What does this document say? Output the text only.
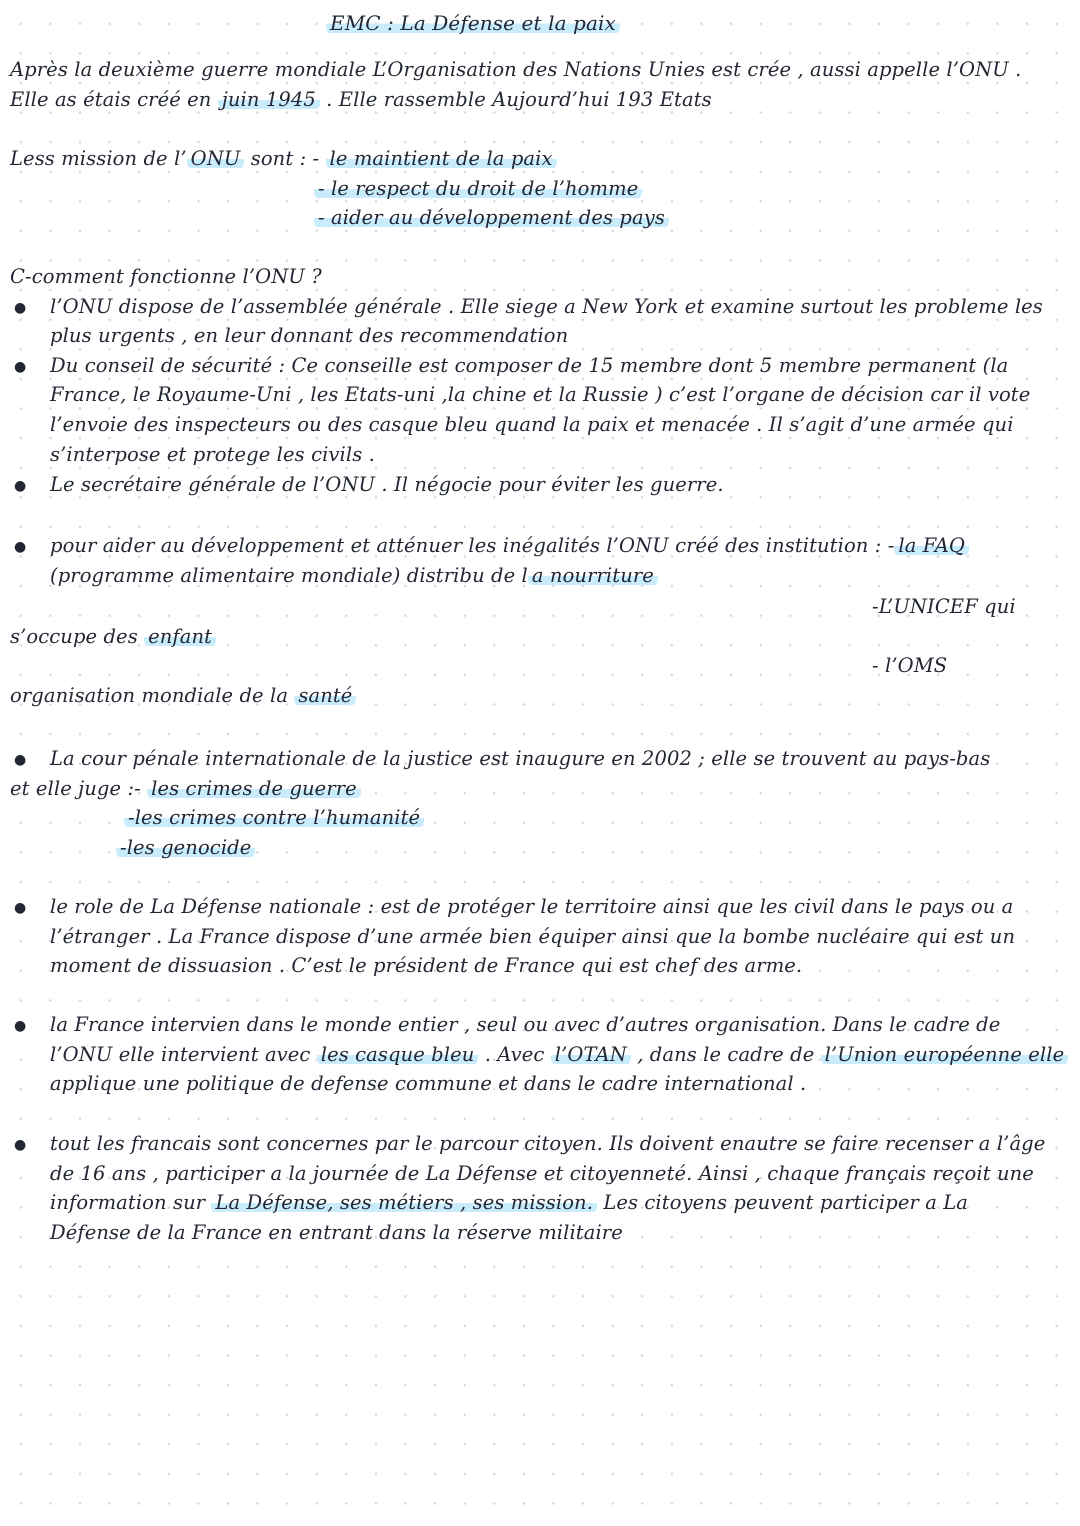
EMC : La Défense et la paix
Après la deuxième guerre mondiale L’Organisation des Nations Unies est crée , aussi appelle l’ONU .
Elle as étais créé en juin 1945 . Elle rassemble Aujourd’hui 193 Etats
Less mission de l’ ONU sont : - le maintient de la paix
- le respect du droit de l’homme
- aider au développement des pays
C-comment fonctionne l’ONU ?
● l’ONU dispose de l’assemblée générale . Elle siege a New York et examine surtout les probleme les
plus urgents , en leur donnant des recommendation
● Du conseil de sécurité : Ce conseille est composer de 15 membre dont 5 membre permanent (la
France, le Royaume-Uni , les Etats-uni ,la chine et la Russie ) c’est l’organe de décision car il vote
l’envoie des inspecteurs ou des casque bleu quand la paix et menacée . Il s’agit d’une armée qui
s’interpose et protege les civils .
● Le secrétaire générale de l’ONU . Il négocie pour éviter les guerre.
● pour aider au développement et atténuer les inégalités l’ONU créé des institution : - la FAQ
(programme alimentaire mondiale) distribu de l a nourriture
-L’UNICEF qui
s’occupe des enfant
- l’OMS
organisation mondiale de la santé
● La cour pénale internationale de la justice est inaugure en 2002 ; elle se trouvent au pays-bas
et elle juge :- les crimes de guerre
-les crimes contre l’humanité
-les genocide
● le role de La Défense nationale : est de protéger le territoire ainsi que les civil dans le pays ou a
l’étranger . La France dispose d’une armée bien équiper ainsi que la bombe nucléaire qui est un
moment de dissuasion . C’est le président de France qui est chef des arme.
● la France intervien dans le monde entier , seul ou avec d’autres organisation. Dans le cadre de
l’ONU elle intervient avec les casque bleu . Avec l’OTAN , dans le cadre de l’Union européenne elle
applique une politique de defense commune et dans le cadre international .
● tout les francais sont concernes par le parcour citoyen. Ils doivent enautre se faire recenser a l’âge
de 16 ans , participer a la journée de La Défense et citoyenneté. Ainsi , chaque français reçoit une
information sur La Défense, ses métiers , ses mission. Les citoyens peuvent participer a La
Défense de la France en entrant dans la réserve militaire
